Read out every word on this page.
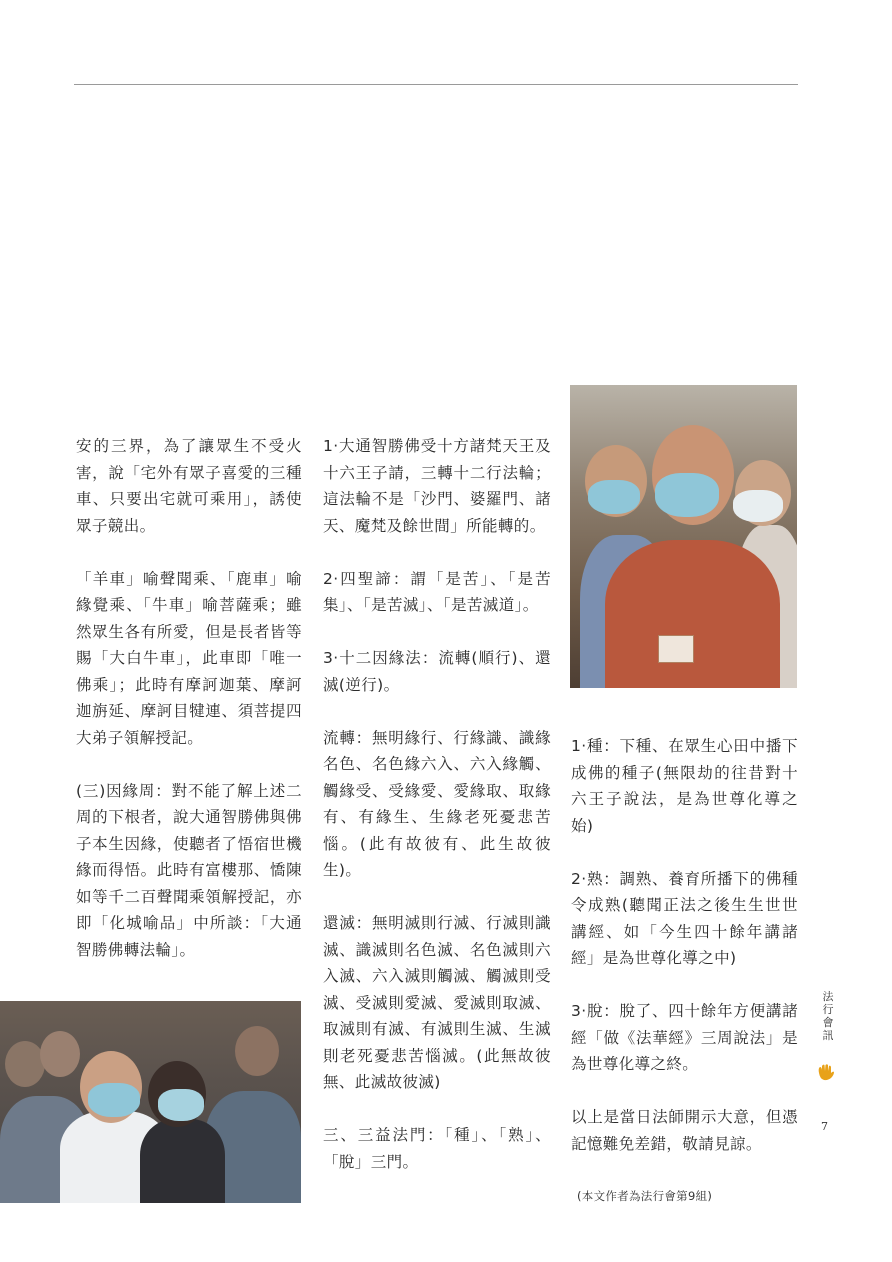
安的三界，為了讓眾生不受火害，說「宅外有眾子喜愛的三種車、只要出宅就可乘用」，誘使眾子競出。

「羊車」喻聲聞乘、「鹿車」喻緣覺乘、「牛車」喻菩薩乘；雖然眾生各有所愛，但是長者皆等賜「大白牛車」，此車即「唯一佛乘」；此時有摩訶迦葉、摩訶迦旃延、摩訶目犍連、須菩提四大弟子領解授記。

(三)因緣周：對不能了解上述二周的下根者，說大通智勝佛與佛子本生因緣，使聽者了悟宿世機緣而得悟。此時有富樓那、憍陳如等千二百聲聞乘領解授記，亦即「化城喻品」中所談：「大通智勝佛轉法輪」。

1‧大通智勝佛受十方諸梵天王及十六王子請，三轉十二行法輪；這法輪不是「沙門、婆羅門、諸天、魔梵及餘世間」所能轉的。

2‧四聖諦：謂「是苦」、「是苦集」、「是苦滅」、「是苦滅道」。

3‧十二因緣法：流轉(順行)、還滅(逆行)。

流轉：無明緣行、行緣識、識緣名色、名色緣六入、六入緣觸、觸緣受、受緣愛、愛緣取、取緣有、有緣生、生緣老死憂悲苦惱。(此有故彼有、此生故彼生)。

還滅：無明滅則行滅、行滅則識滅、識滅則名色滅、名色滅則六入滅、六入滅則觸滅、觸滅則受滅、受滅則愛滅、愛滅則取滅、取滅則有滅、有滅則生滅、生滅則老死憂悲苦惱滅。(此無故彼無、此滅故彼滅)

三、三益法門：「種」、「熟」、「脫」三門。

1‧種：下種、在眾生心田中播下成佛的種子(無限劫的往昔對十六王子說法，是為世尊化導之始)

2‧熟：調熟、養育所播下的佛種令成熟(聽聞正法之後生生世世講經、如「今生四十餘年講諸經」是為世尊化導之中)

3‧脫：脫了、四十餘年方便講諸經「做《法華經》三周說法」是為世尊化導之終。

以上是當日法師開示大意，但憑記憶難免差錯，敬請見諒。

(本文作者為法行會第9組)
法
行
會
訊
7
